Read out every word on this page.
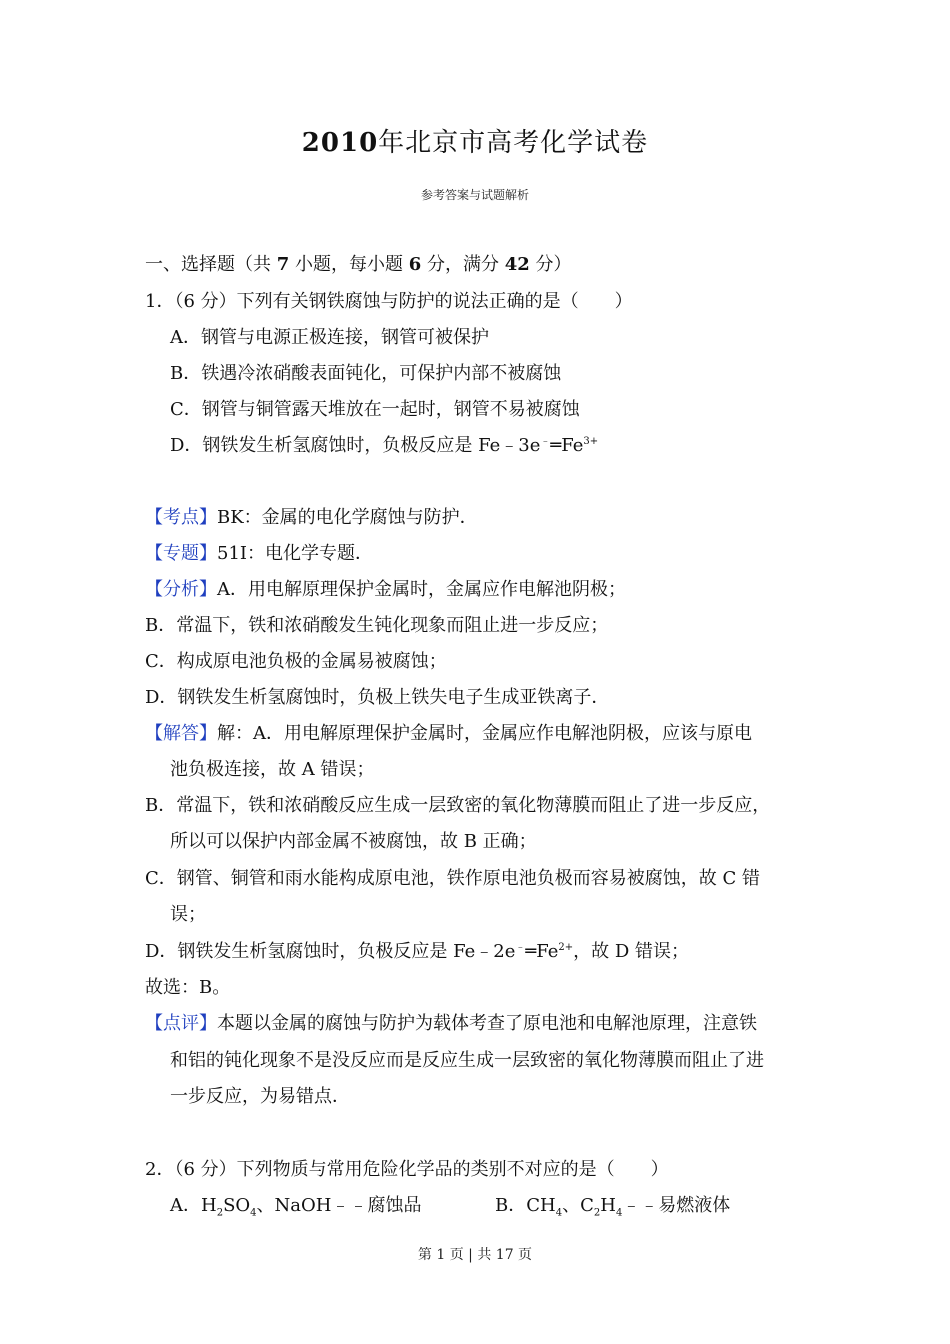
2010年北京市高考化学试卷
参考答案与试题解析
一、选择题（共 7 小题，每小题 6 分，满分 42 分）
1．（6 分）下列有关钢铁腐蚀与防护的说法正确的是（　　）
A．钢管与电源正极连接，钢管可被保护
B．铁遇冷浓硝酸表面钝化，可保护内部不被腐蚀
C．钢管与铜管露天堆放在一起时，钢管不易被腐蚀
D．钢铁发生析氢腐蚀时，负极反应是 $Fe﹣3e^﹣═Fe^{3+}$
【考点】BK：金属的电化学腐蚀与防护．
【专题】51I：电化学专题．
【分析】A．用电解原理保护金属时，金属应作电解池阴极；
B．常温下，铁和浓硝酸发生钝化现象而阻止进一步反应；
C．构成原电池负极的金属易被腐蚀；
D．钢铁发生析氢腐蚀时，负极上铁失电子生成亚铁离子．
【解答】解：A．用电解原理保护金属时，金属应作电解池阴极，应该与原电
池负极连接，故 A 错误；
B．常温下，铁和浓硝酸反应生成一层致密的氧化物薄膜而阻止了进一步反应，
所以可以保护内部金属不被腐蚀，故 B 正确；
C．钢管、铜管和雨水能构成原电池，铁作原电池负极而容易被腐蚀，故 C 错
误；
D．钢铁发生析氢腐蚀时，负极反应是 $Fe﹣2e^﹣═Fe^{2+}$，故 D 错误；
故选：B。
【点评】本题以金属的腐蚀与防护为载体考查了原电池和电解池原理，注意铁
和铝的钝化现象不是没反应而是反应生成一层致密的氧化物薄膜而阻止了进
一步反应，为易错点．
2．（6 分）下列物质与常用危险化学品的类别不对应的是（　　）
A．$H_2SO_4$、NaOH﹣﹣腐蚀品	B．$CH_4$、$C_2H_4﹣﹣$易燃液体
第 1 页 | 共 17 页
